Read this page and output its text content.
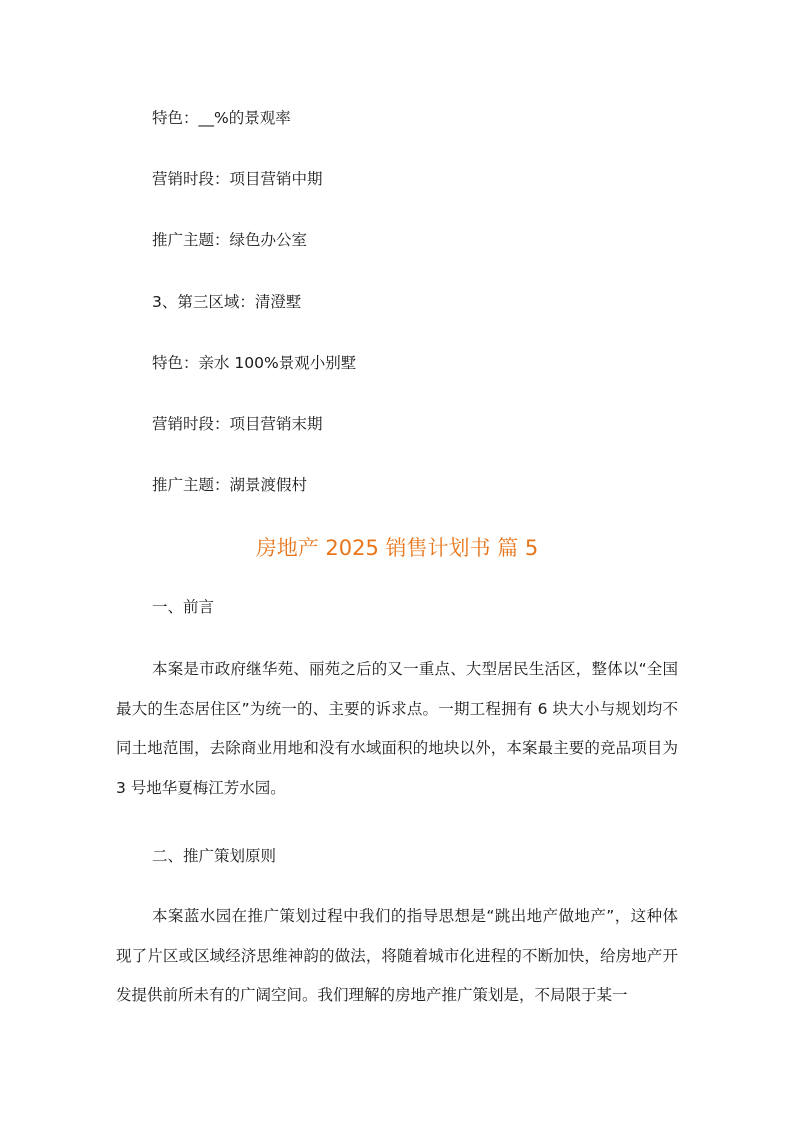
特色：__%的景观率
营销时段：项目营销中期
推广主题：绿色办公室
3、第三区域：清澄墅
特色：亲水 100%景观小别墅
营销时段：项目营销末期
推广主题：湖景渡假村
房地产 2025 销售计划书 篇 5
一、前言
本案是市政府继华苑、丽苑之后的又一重点、大型居民生活区，整体以“全国最大的生态居住区”为统一的、主要的诉求点。一期工程拥有 6 块大小与规划均不同土地范围，去除商业用地和没有水域面积的地块以外，本案最主要的竞品项目为 3 号地华夏梅江芳水园。
二、推广策划原则
本案蓝水园在推广策划过程中我们的指导思想是“跳出地产做地产”，这种体现了片区或区域经济思维神韵的做法，将随着城市化进程的不断加快，给房地产开发提供前所未有的广阔空间。我们理解的房地产推广策划是，不局限于某一
